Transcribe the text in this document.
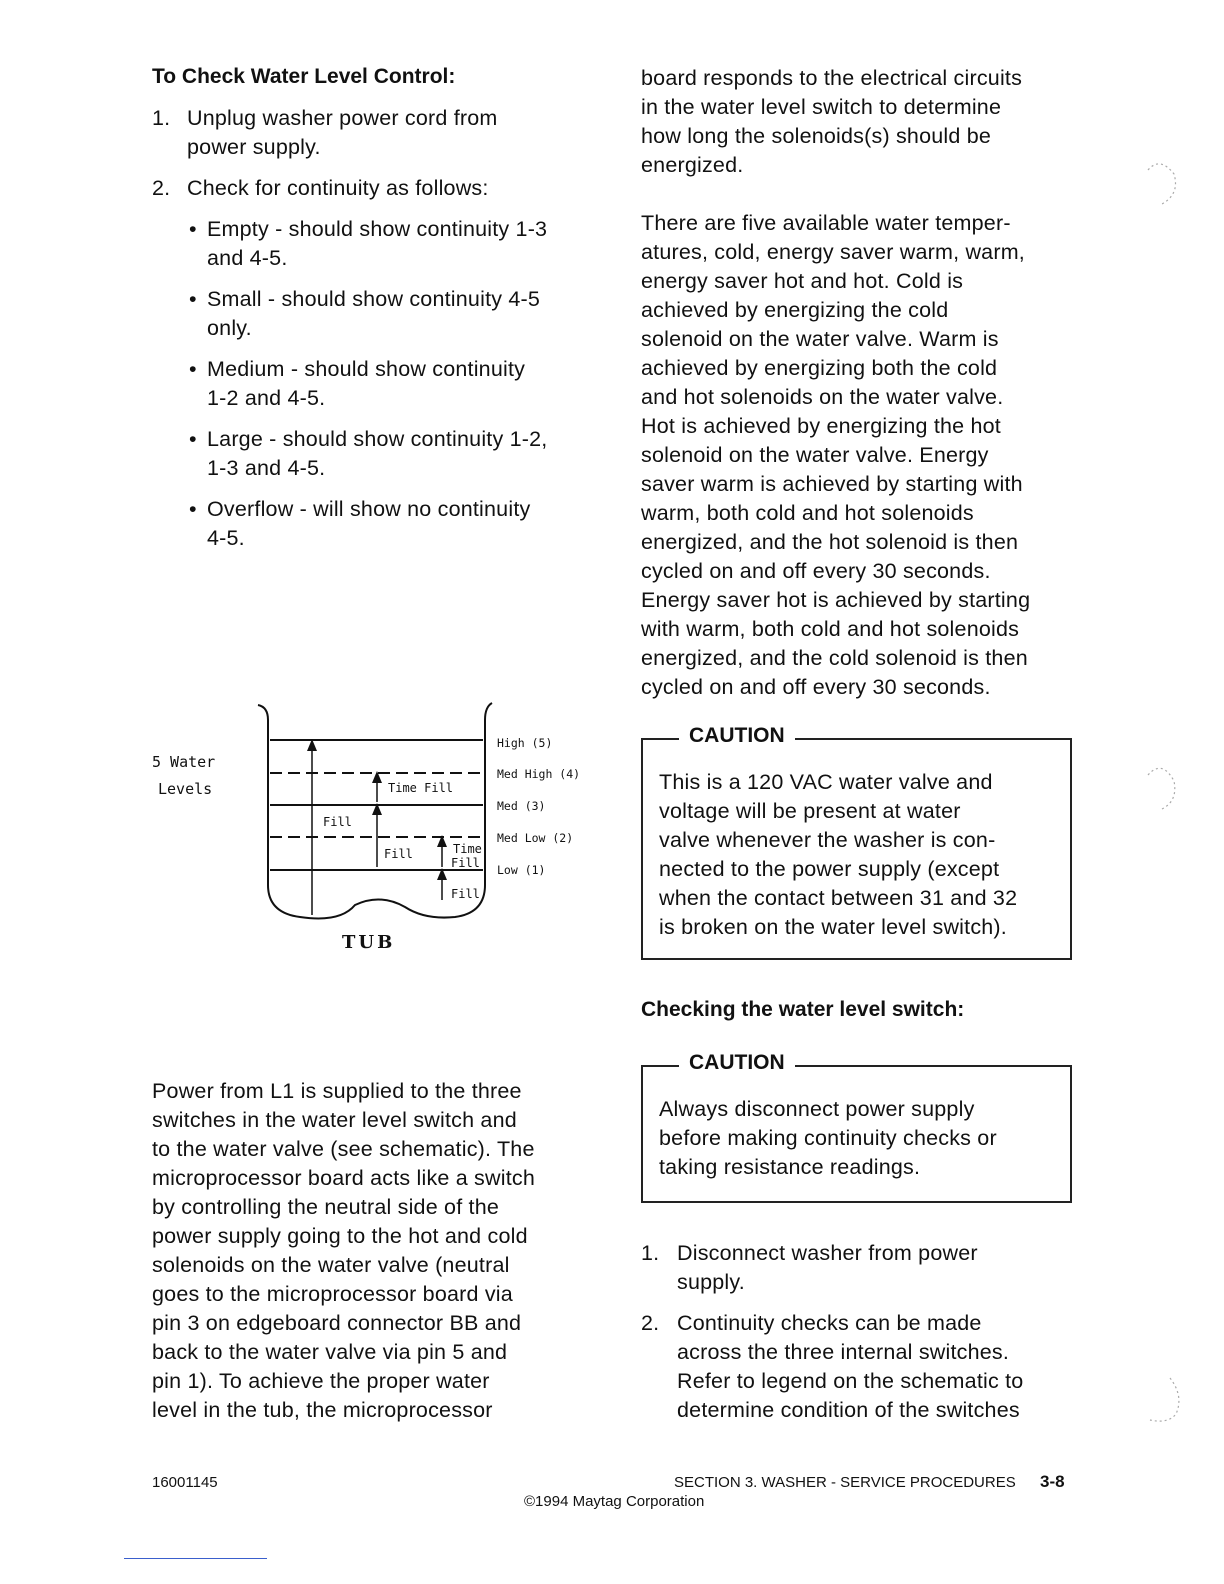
To Check Water Level Control:
1. Unplug washer power cord from
power supply.
2. Check for continuity as follows:
• Empty - should show continuity 1-3
and 4-5.
• Small - should show continuity 4-5
only.
• Medium - should show continuity
1-2 and 4-5.
• Large - should show continuity 1-2,
1-3 and 4-5.
• Overflow - will show no continuity
4-5.
Fill
Time Fill
Fill	Time
Fill
Fill
High (5)
Med High (4)
Med (3)
Med Low (2)
Low (1)
5 Water
Levels
TUB
Power from L1 is supplied to the three
switches in the water level switch and
to the water valve (see schematic). The
microprocessor board acts like a switch
by controlling the neutral side of the
power supply going to the hot and cold
solenoids on the water valve (neutral
goes to the microprocessor board via
pin 3 on edgeboard connector BB and
back to the water valve via pin 5 and
pin 1). To achieve the proper water
level in the tub, the microprocessor
board responds to the electrical circuits
in the water level switch to determine
how long the solenoids(s) should be
energized.
There are five available water temper-
atures, cold, energy saver warm, warm,
energy saver hot and hot. Cold is
achieved by energizing the cold
solenoid on the water valve. Warm is
achieved by energizing both the cold
and hot solenoids on the water valve.
Hot is achieved by energizing the hot
solenoid on the water valve. Energy
saver warm is achieved by starting with
warm, both cold and hot solenoids
energized, and the hot solenoid is then
cycled on and off every 30 seconds.
Energy saver hot is achieved by starting
with warm, both cold and hot solenoids
energized, and the cold solenoid is then
cycled on and off every 30 seconds.
CAUTION
This is a 120 VAC water valve and
voltage will be present at water
valve whenever the washer is con-
nected to the power supply (except
when the contact between 31 and 32
is broken on the water level switch).
Checking the water level switch:
CAUTION
Always disconnect power supply
before making continuity checks or
taking resistance readings.
1. Disconnect washer from power
supply.
2. Continuity checks can be made
across the three internal switches.
Refer to legend on the schematic to
determine condition of the switches
16001145	SECTION 3. WASHER - SERVICE PROCEDURES 3-8
©1994 Maytag Corporation
